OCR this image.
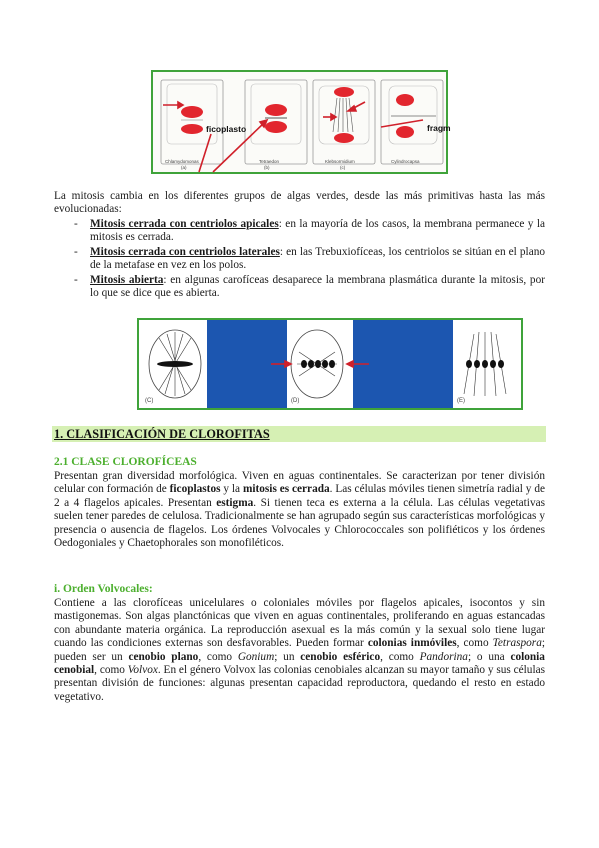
ficoplasto	fragm
Chlamydomonas
(a)
Tetraedon
(b)
Klebsormidium
(c)
Cylindrocapsa
La mitosis cambia en los diferentes grupos de algas verdes, desde las más primitivas hasta las más evolucionadas:
- Mitosis cerrada con centriolos apicales: en la mayoría de los casos, la membrana permanece y la mitosis es cerrada.
- Mitosis cerrada con centriolos laterales: en las Trebuxiofíceas, los centriolos se sitúan en el plano de la metafase en vez en los polos.
- Mitosis abierta: en algunas carofíceas desaparece la membrana plasmática durante la mitosis, por lo que se dice que es abierta.
(C)	(D)	(E)
1. CLASIFICACIÓN DE CLOROFITAS
2.1 CLASE CLOROFÍCEAS
Presentan gran diversidad morfológica. Viven en aguas continentales. Se caracterizan por tener división celular con formación de ficoplastos y la mitosis es cerrada. Las células móviles tienen simetría radial y de 2 a 4 flagelos apicales. Presentan estigma. Si tienen teca es externa a la célula. Las células vegetativas suelen tener paredes de celulosa. Tradicionalmente se han agrupado según sus características morfológicas y presencia o ausencia de flagelos. Los órdenes Volvocales y Chlorococcales son polifiéticos y los órdenes Oedogoniales y Chaetophorales son monofiléticos.
i. Orden Volvocales:
Contiene a las clorofíceas unicelulares o coloniales móviles por flagelos apicales, isocontos y sin mastigonemas. Son algas planctónicas que viven en aguas continentales, proliferando en aguas estancadas con abundante materia orgánica. La reproducción asexual es la más común y la sexual solo tiene lugar cuando las condiciones externas son desfavorables. Pueden formar colonias inmóviles, como Tetraspora; pueden ser un cenobio plano, como Gonium; un cenobio esférico, como Pandorina; o una colonia cenobial, como Volvox. En el género Volvox las colonias cenobiales alcanzan su mayor tamaño y sus células presentan división de funciones: algunas presentan capacidad reproductora, quedando el resto en estado vegetativo.
